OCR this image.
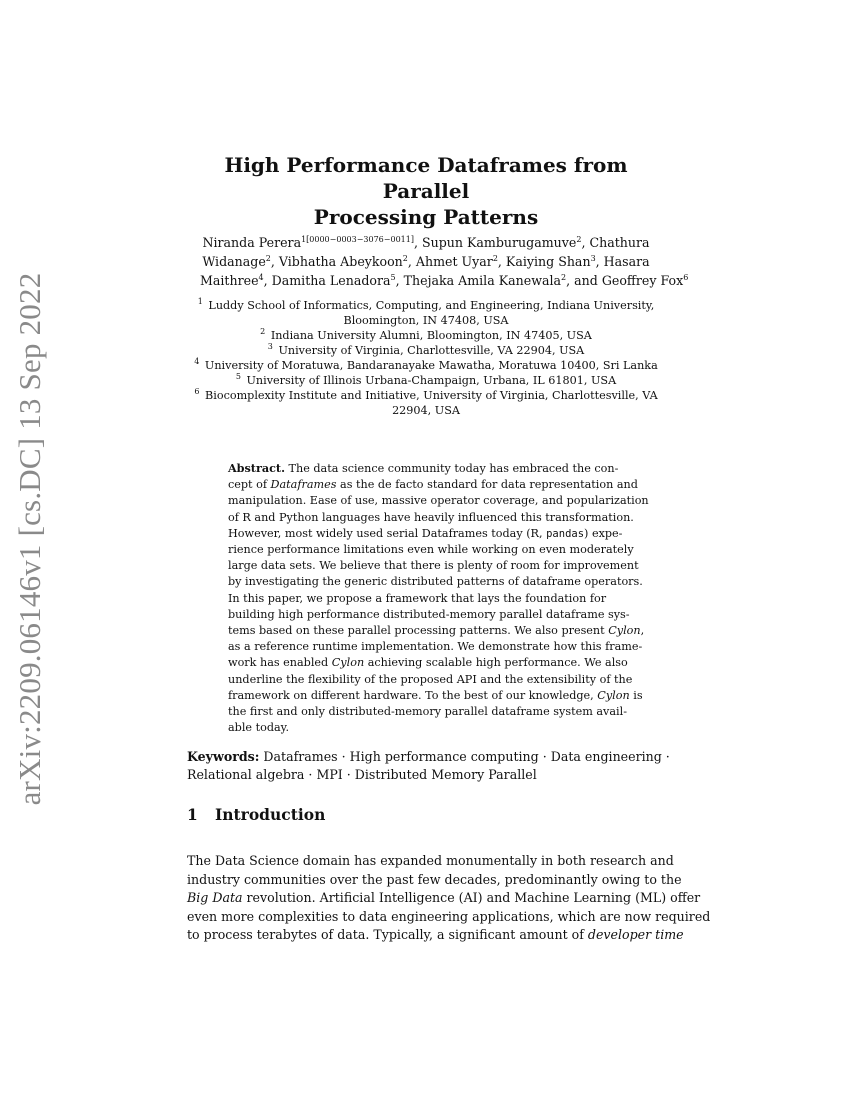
arXiv:2209.06146v1 [cs.DC] 13 Sep 2022
High Performance Dataframes from Parallel
Processing Patterns
Niranda Perera$^{1[0000-0003-3076-0011]}$, Supun Kamburugamuve$^2$, Chathura
Widanage$^2$, Vibhatha Abeykoon$^2$, Ahmet Uyar$^2$, Kaiying Shan$^3$, Hasara
Maithree$^4$, Damitha Lenadora$^5$, Thejaka Amila Kanewala$^2$, and Geoffrey Fox$^6$
$^1$  Luddy School of Informatics, Computing, and Engineering, Indiana University,
Bloomington, IN 47408, USA
$^2$  Indiana University Alumni, Bloomington, IN 47405, USA
$^3$  University of Virginia, Charlottesville, VA 22904, USA
$^4$  University of Moratuwa, Bandaranayake Mawatha, Moratuwa 10400, Sri Lanka
$^5$  University of Illinois Urbana-Champaign, Urbana, IL 61801, USA
$^6$  Biocomplexity Institute and Initiative, University of Virginia, Charlottesville, VA
22904, USA
Abstract. The data science community today has embraced the con-
cept of Dataframes as the de facto standard for data representation and
manipulation. Ease of use, massive operator coverage, and popularization
of R and Python languages have heavily influenced this transformation.
However, most widely used serial Dataframes today (R, pandas) expe-
rience performance limitations even while working on even moderately
large data sets. We believe that there is plenty of room for improvement
by investigating the generic distributed patterns of dataframe operators.
In this paper, we propose a framework that lays the foundation for
building high performance distributed-memory parallel dataframe sys-
tems based on these parallel processing patterns. We also present Cylon,
as a reference runtime implementation. We demonstrate how this frame-
work has enabled Cylon achieving scalable high performance. We also
underline the flexibility of the proposed API and the extensibility of the
framework on different hardware. To the best of our knowledge, Cylon is
the first and only distributed-memory parallel dataframe system avail-
able today.
Keywords: Dataframes · High performance computing · Data engineering ·
Relational algebra · MPI · Distributed Memory Parallel
1 Introduction
The Data Science domain has expanded monumentally in both research and
industry communities over the past few decades, predominantly owing to the
Big Data revolution. Artificial Intelligence (AI) and Machine Learning (ML) offer
even more complexities to data engineering applications, which are now required
to process terabytes of data. Typically, a significant amount of developer time
